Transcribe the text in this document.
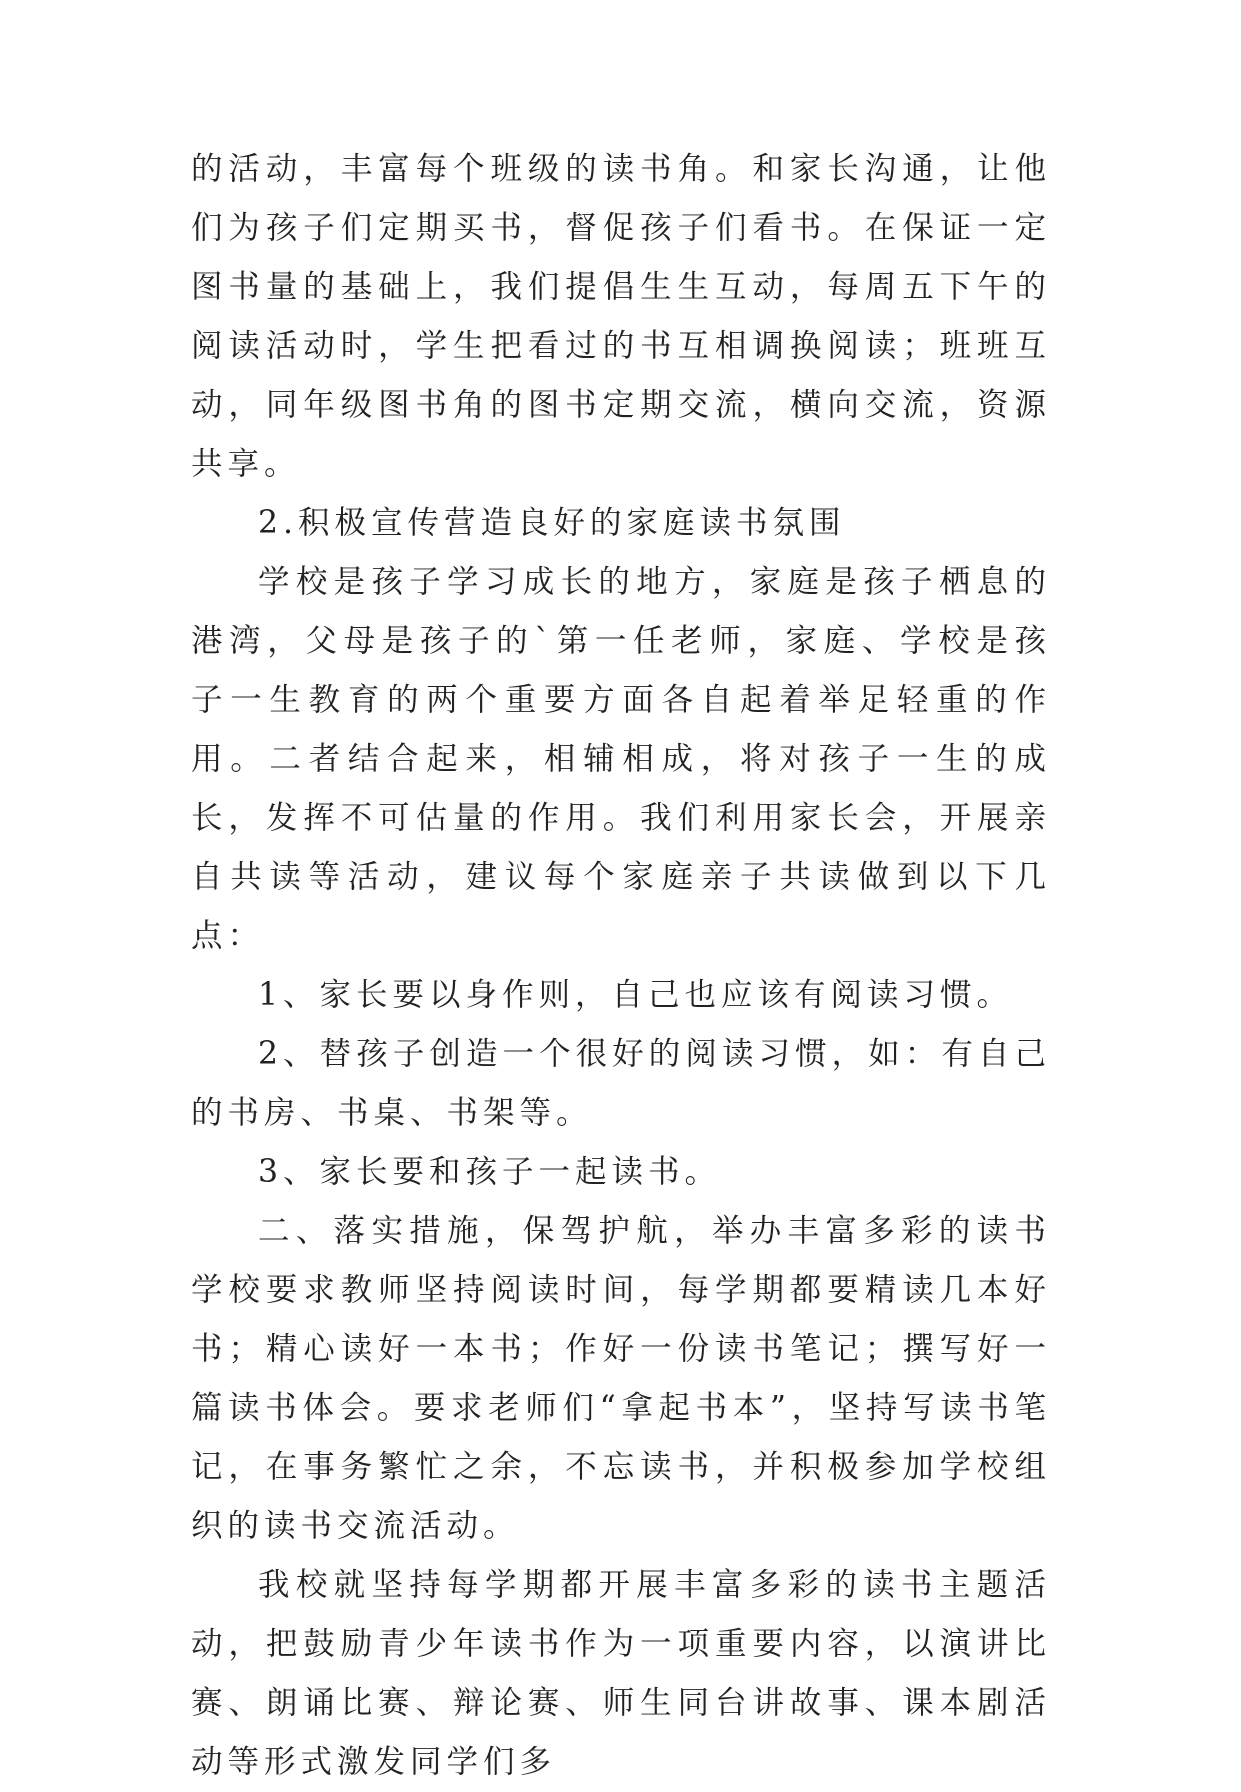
的活动，丰富每个班级的读书角。和家长沟通，让他们为孩子们定期买书，督促孩子们看书。在保证一定图书量的基础上，我们提倡生生互动，每周五下午的阅读活动时，学生把看过的书互相调换阅读；班班互动，同年级图书角的图书定期交流，横向交流，资源共享。

2.积极宣传营造良好的家庭读书氛围

学校是孩子学习成长的地方，家庭是孩子栖息的港湾，父母是孩子的`第一任老师，家庭、学校是孩子一生教育的两个重要方面各自起着举足轻重的作用。二者结合起来，相辅相成，将对孩子一生的成长，发挥不可估量的作用。我们利用家长会，开展亲自共读等活动，建议每个家庭亲子共读做到以下几点：

1、家长要以身作则，自己也应该有阅读习惯。

2、替孩子创造一个很好的阅读习惯，如：有自己的书房、书桌、书架等。

3、家长要和孩子一起读书。

二、落实措施，保驾护航，举办丰富多彩的读书学校要求教师坚持阅读时间，每学期都要精读几本好书；精心读好一本书；作好一份读书笔记；撰写好一篇读书体会。要求老师们“拿起书本”，坚持写读书笔记，在事务繁忙之余，不忘读书，并积极参加学校组织的读书交流活动。

我校就坚持每学期都开展丰富多彩的读书主题活动，把鼓励青少年读书作为一项重要内容，以演讲比赛、朗诵比赛、辩论赛、师生同台讲故事、课本剧活动等形式激发同学们多
